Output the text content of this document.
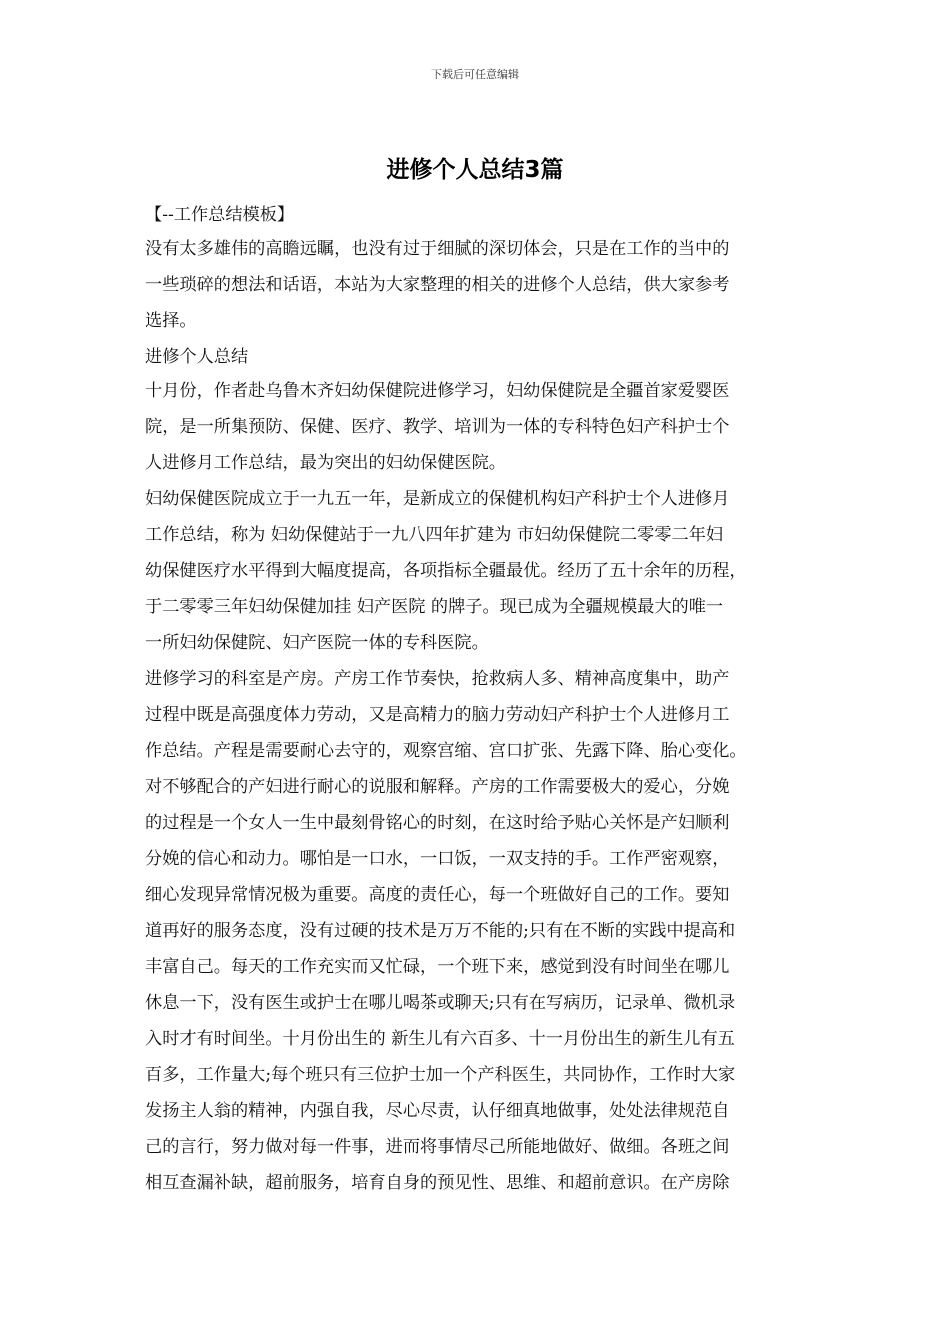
下载后可任意编辑
进修个人总结3篇
【--工作总结模板】
没有太多雄伟的高瞻远瞩，也没有过于细腻的深切体会，只是在工作的当中的
一些琐碎的想法和话语，本站为大家整理的相关的进修个人总结，供大家参考
选择。
进修个人总结
十月份，作者赴乌鲁木齐妇幼保健院进修学习，妇幼保健院是全疆首家爱婴医
院，是一所集预防、保健、医疗、教学、培训为一体的专科特色妇产科护士个
人进修月工作总结，最为突出的妇幼保健医院。
妇幼保健医院成立于一九五一年，是新成立的保健机构妇产科护士个人进修月
工作总结，称为 妇幼保健站于一九八四年扩建为 市妇幼保健院二零零二年妇
幼保健医疗水平得到大幅度提高，各项指标全疆最优。经历了五十余年的历程，
于二零零三年妇幼保健加挂 妇产医院 的牌子。现已成为全疆规模最大的唯一
一所妇幼保健院、妇产医院一体的专科医院。
进修学习的科室是产房。产房工作节奏快，抢救病人多、精神高度集中，助产
过程中既是高强度体力劳动，又是高精力的脑力劳动妇产科护士个人进修月工
作总结。产程是需要耐心去守的，观察宫缩、宫口扩张、先露下降、胎心变化。
对不够配合的产妇进行耐心的说服和解释。产房的工作需要极大的爱心，分娩
的过程是一个女人一生中最刻骨铭心的时刻，在这时给予贴心关怀是产妇顺利
分娩的信心和动力。哪怕是一口水，一口饭，一双支持的手。工作严密观察，
细心发现异常情况极为重要。高度的责任心，每一个班做好自己的工作。要知
道再好的服务态度，没有过硬的技术是万万不能的;只有在不断的实践中提高和
丰富自己。每天的工作充实而又忙碌，一个班下来，感觉到没有时间坐在哪儿
休息一下，没有医生或护士在哪儿喝茶或聊天;只有在写病历，记录单、微机录
入时才有时间坐。十月份出生的 新生儿有六百多、十一月份出生的新生儿有五
百多，工作量大;每个班只有三位护士加一个产科医生，共同协作，工作时大家
发扬主人翁的精神，内强自我，尽心尽责，认仔细真地做事，处处法律规范自
己的言行，努力做对每一件事，进而将事情尽己所能地做好、做细。各班之间
相互查漏补缺，超前服务，培育自身的预见性、思维、和超前意识。在产房除
